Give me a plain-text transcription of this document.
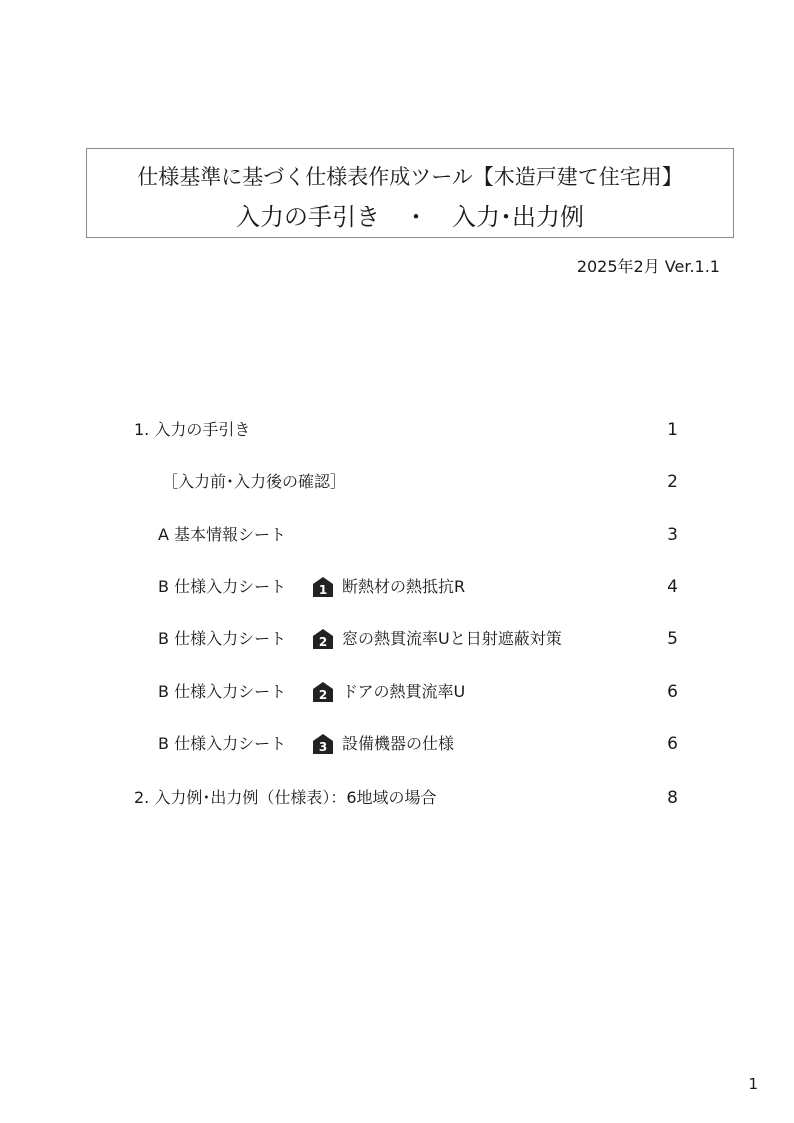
仕様基準に基づく仕様表作成ツール【木造戸建て住宅用】
入力の手引き　・　入力･出力例
2025年2月 Ver.1.1
1. 入力の手引き	1
［入力前･入力後の確認］	2
A 基本情報シート	3
B 仕様入力シート	1 断熱材の熱抵抗R	4
B 仕様入力シート	2 窓の熱貫流率Uと日射遮蔽対策	5
B 仕様入力シート	2 ドアの熱貫流率U	6
B 仕様入力シート	3 設備機器の仕様	6
2. 入力例･出力例（仕様表）：6地域の場合	8
1
